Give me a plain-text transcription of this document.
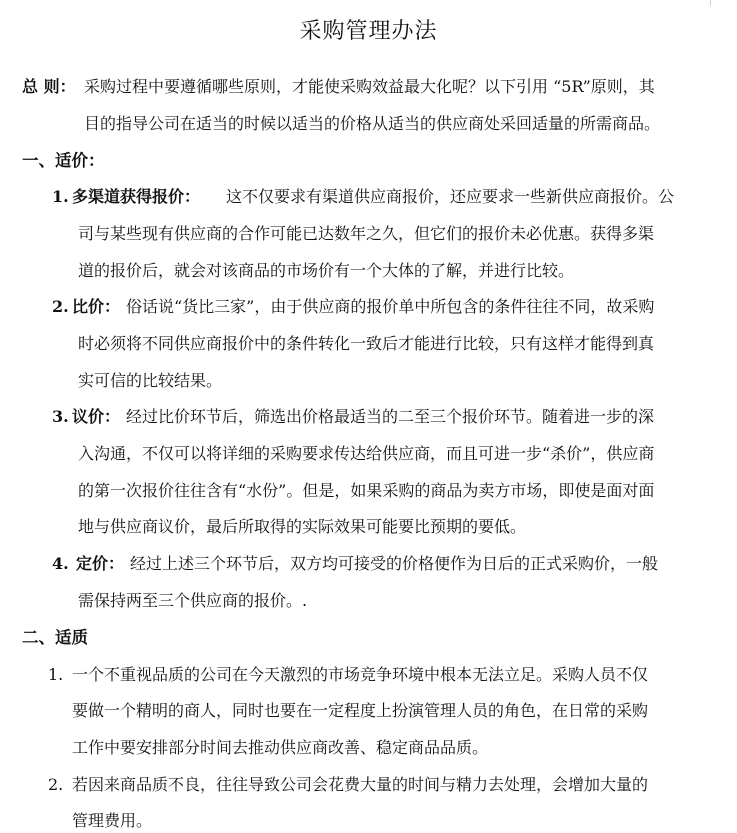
采购管理办法
总 则： 采购过程中要遵循哪些原则，才能使采购效益最大化呢？以下引用 “5R”原则，其
目的指导公司在适当的时候以适当的价格从适当的供应商处采回适量的所需商品。
一、适价：
1. 多渠道获得报价： 这不仅要求有渠道供应商报价，还应要求一些新供应商报价。公
司与某些现有供应商的合作可能已达数年之久，但它们的报价未必优惠。获得多渠
道的报价后，就会对该商品的市场价有一个大体的了解，并进行比较。
2. 比价： 俗话说“货比三家”，由于供应商的报价单中所包含的条件往往不同，故采购
时必须将不同供应商报价中的条件转化一致后才能进行比较，只有这样才能得到真
实可信的比较结果。
3. 议价： 经过比价环节后，筛选出价格最适当的二至三个报价环节。随着进一步的深
入沟通，不仅可以将详细的采购要求传达给供应商，而且可进一步“杀价”，供应商
的第一次报价往往含有“水份”。但是，如果采购的商品为卖方市场，即使是面对面
地与供应商议价，最后所取得的实际效果可能要比预期的要低。
4. 定价： 经过上述三个环节后，双方均可接受的价格便作为日后的正式采购价，一般
需保持两至三个供应商的报价。.
二、适质
1. 一个不重视品质的公司在今天激烈的市场竞争环境中根本无法立足。采购人员不仅
要做一个精明的商人，同时也要在一定程度上扮演管理人员的角色，在日常的采购
工作中要安排部分时间去推动供应商改善、稳定商品品质。
2. 若因来商品质不良，往往导致公司会花费大量的时间与精力去处理，会增加大量的
管理费用。
